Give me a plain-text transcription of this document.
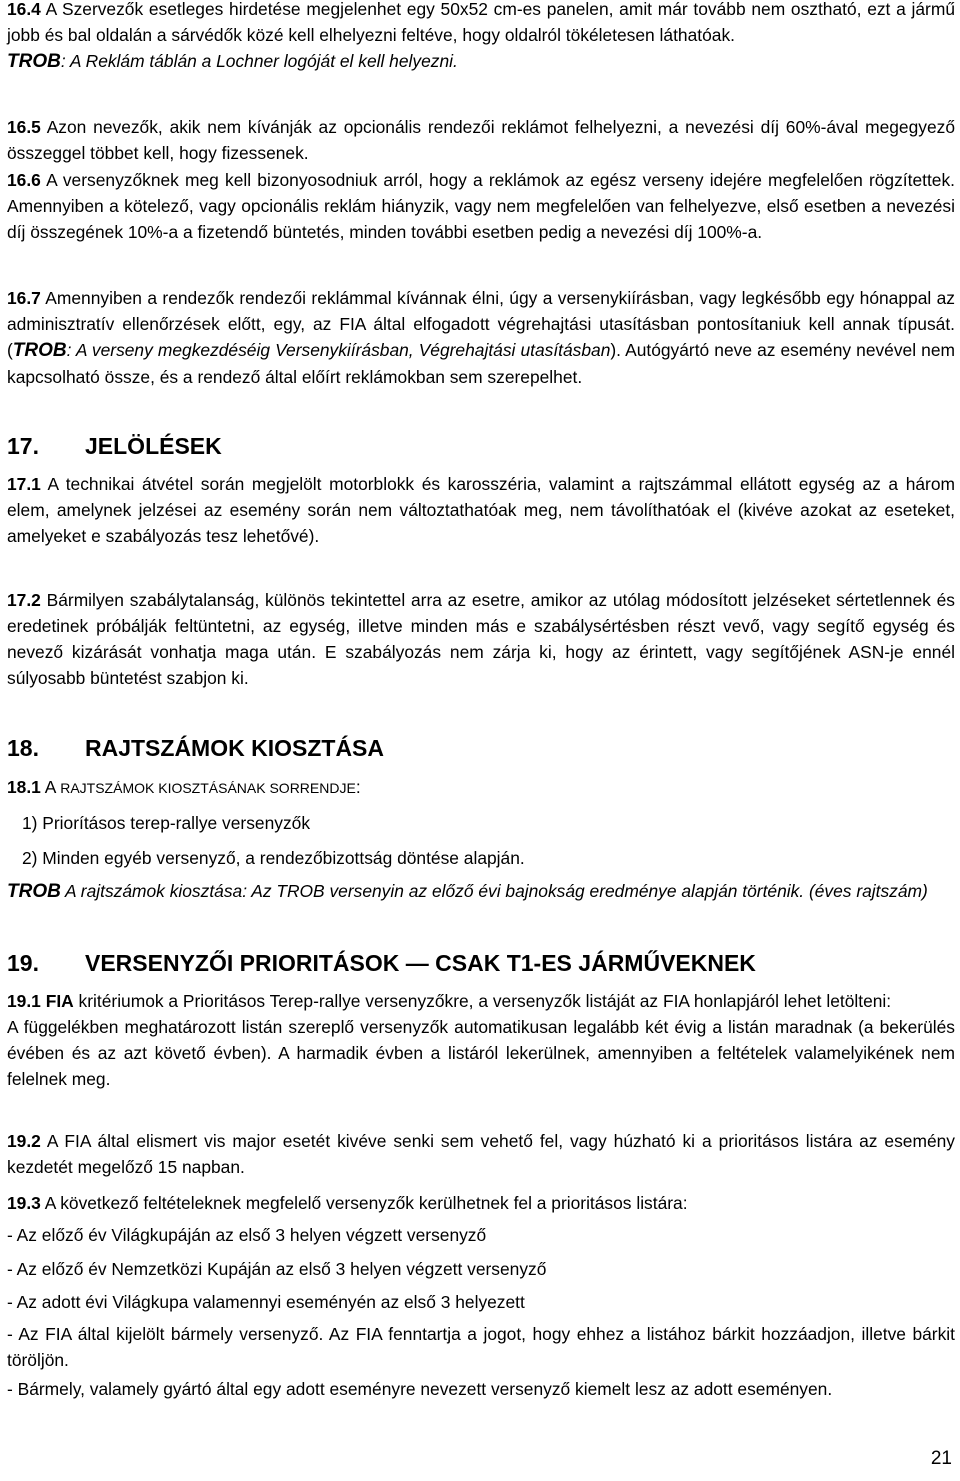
16.4 A Szervezők esetleges hirdetése megjelenhet egy 50x52 cm-es panelen, amit már tovább nem osztható, ezt a jármű jobb és bal oldalán a sárvédők közé kell elhelyezni feltéve, hogy oldalról tökéletesen láthatóak.
TROB: A Reklám táblán a Lochner logóját el kell helyezni.

16.5 Azon nevezők, akik nem kívánják az opcionális rendezői reklámot felhelyezni, a nevezési díj 60%-ával megegyező összeggel többet kell, hogy fizessenek.

16.6 A versenyzőknek meg kell bizonyosodniuk arról, hogy a reklámok az egész verseny idejére megfelelően rögzítettek. Amennyiben a kötelező, vagy opcionális reklám hiányzik, vagy nem megfelelően van felhelyezve, első esetben a nevezési díj összegének 10%-a a fizetendő büntetés, minden további esetben pedig a nevezési díj 100%-a.

16.7 Amennyiben a rendezők rendezői reklámmal kívánnak élni, úgy a versenykiírásban, vagy legkésőbb egy hónappal az adminisztratív ellenőrzések előtt, egy, az FIA által elfogadott végrehajtási utasításban pontosítaniuk kell annak típusát. (TROB: A verseny megkezdéséig Versenykiírásban, Végrehajtási utasításban). Autógyártó neve az esemény nevével nem kapcsolható össze, és a rendező által előírt reklámokban sem szerepelhet.

17. JELÖLÉSEK

17.1 A technikai átvétel során megjelölt motorblokk és karosszéria, valamint a rajtszámmal ellátott egység az a három elem, amelynek jelzései az esemény során nem változtathatóak meg, nem távolíthatóak el (kivéve azokat az eseteket, amelyeket e szabályozás tesz lehetővé).

17.2 Bármilyen szabálytalanság, különös tekintettel arra az esetre, amikor az utólag módosított jelzéseket sértetlennek és eredetinek próbálják feltüntetni, az egység, illetve minden más e szabálysértésben részt vevő, vagy segítő egység és nevező kizárását vonhatja maga után. E szabályozás nem zárja ki, hogy az érintett, vagy segítőjének ASN-je ennél súlyosabb büntetést szabjon ki.

18. RAJTSZÁMOK KIOSZTÁSA

18.1 A RAJTSZÁMOK KIOSZTÁSÁNAK SORRENDJE:

1) Priorításos terep-rallye versenyzők

2) Minden egyéb versenyző, a rendezőbizottság döntése alapján.

TROB A rajtszámok kiosztása: Az TROB versenyin az előző évi bajnokság eredménye alapján történik. (éves rajtszám)

19. VERSENYZŐI PRIORITÁSOK — CSAK T1-ES JÁRMŰVEKNEK

19.1 FIA kritériumok a Prioritásos Terep-rallye versenyzőkre, a versenyzők listáját az FIA honlapjáról lehet letölteni:
A függelékben meghatározott listán szereplő versenyzők automatikusan legalább két évig a listán maradnak (a bekerülés évében és az azt követő évben). A harmadik évben a listáról lekerülnek, amennyiben a feltételek valamelyikének nem felelnek meg.

19.2 A FIA által elismert vis major esetét kivéve senki sem vehető fel, vagy húzható ki a prioritásos listára az esemény kezdetét megelőző 15 napban.

19.3 A következő feltételeknek megfelelő versenyzők kerülhetnek fel a prioritásos listára:

- Az előző év Világkupáján az első 3 helyen végzett versenyző

- Az előző év Nemzetközi Kupáján az első 3 helyen végzett versenyző

- Az adott évi Világkupa valamennyi eseményén az első 3 helyezett

- Az FIA által kijelölt bármely versenyző. Az FIA fenntartja a jogot, hogy ehhez a listához bárkit hozzáadjon, illetve bárkit töröljön.

- Bármely, valamely gyártó által egy adott eseményre nevezett versenyző kiemelt lesz az adott eseményen.

21
